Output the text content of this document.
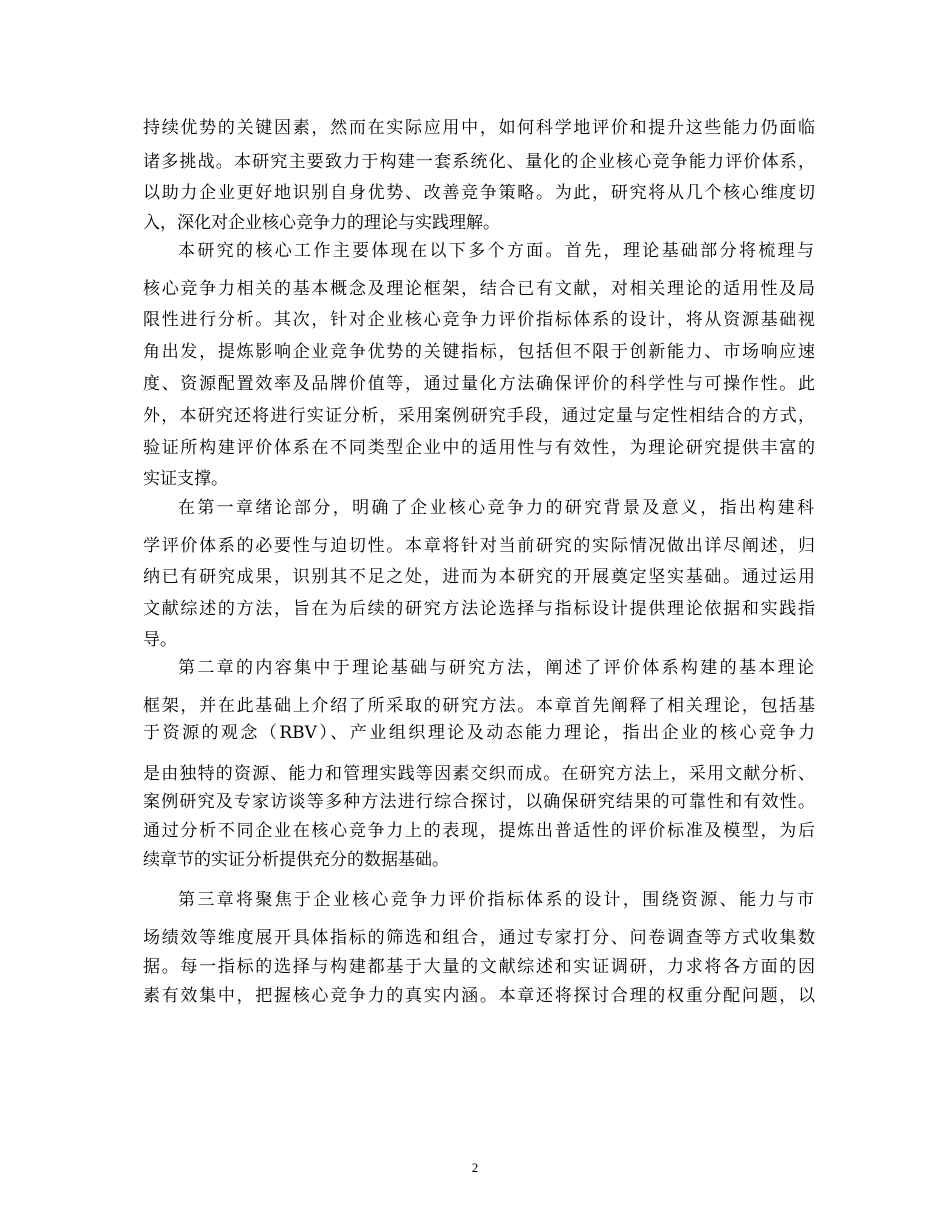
持续优势的关键因素，然而在实际应用中，如何科学地评价和提升这些能力仍面临
诸多挑战。本研究主要致力于构建一套系统化、量化的企业核心竞争能力评价体系，
以助力企业更好地识别自身优势、改善竞争策略。为此，研究将从几个核心维度切
入，深化对企业核心竞争力的理论与实践理解。
本研究的核心工作主要体现在以下多个方面。首先，理论基础部分将梳理与
核心竞争力相关的基本概念及理论框架，结合已有文献，对相关理论的适用性及局
限性进行分析。其次，针对企业核心竞争力评价指标体系的设计，将从资源基础视
角出发，提炼影响企业竞争优势的关键指标，包括但不限于创新能力、市场响应速
度、资源配置效率及品牌价值等，通过量化方法确保评价的科学性与可操作性。此
外，本研究还将进行实证分析，采用案例研究手段，通过定量与定性相结合的方式，
验证所构建评价体系在不同类型企业中的适用性与有效性，为理论研究提供丰富的
实证支撑。
在第一章绪论部分，明确了企业核心竞争力的研究背景及意义，指出构建科
学评价体系的必要性与迫切性。本章将针对当前研究的实际情况做出详尽阐述，归
纳已有研究成果，识别其不足之处，进而为本研究的开展奠定坚实基础。通过运用
文献综述的方法，旨在为后续的研究方法论选择与指标设计提供理论依据和实践指
导。
第二章的内容集中于理论基础与研究方法，阐述了评价体系构建的基本理论
框架，并在此基础上介绍了所采取的研究方法。本章首先阐释了相关理论，包括基
于资源的观念（RBV）、产业组织理论及动态能力理论，指出企业的核心竞争力
是由独特的资源、能力和管理实践等因素交织而成。在研究方法上，采用文献分析、
案例研究及专家访谈等多种方法进行综合探讨，以确保研究结果的可靠性和有效性。
通过分析不同企业在核心竞争力上的表现，提炼出普适性的评价标准及模型，为后
续章节的实证分析提供充分的数据基础。
第三章将聚焦于企业核心竞争力评价指标体系的设计，围绕资源、能力与市
场绩效等维度展开具体指标的筛选和组合，通过专家打分、问卷调查等方式收集数
据。每一指标的选择与构建都基于大量的文献综述和实证调研，力求将各方面的因
素有效集中，把握核心竞争力的真实内涵。本章还将探讨合理的权重分配问题，以
2
